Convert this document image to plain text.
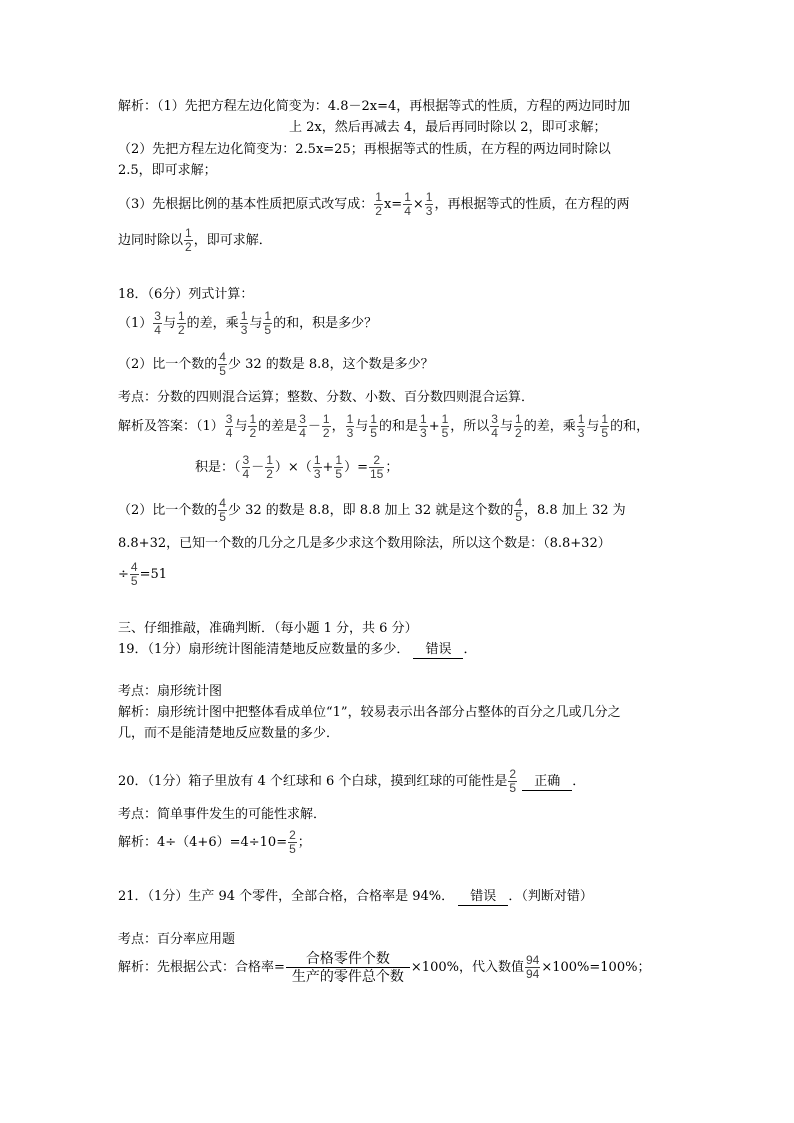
解析：（1）先把方程左边化简变为：4.8－2x=4，再根据等式的性质，方程的两边同时加
上 2x，然后再减去 4，最后再同时除以 2，即可求解；
（2）先把方程左边化简变为：2.5x=25；再根据等式的性质，在方程的两边同时除以
2.5，即可求解；
（3）先根据比例的基本性质把原式改写成： $\frac{1}{2} x= \frac{1}{4} \times \frac{1}{3}$ ，再根据等式的性质，在方程的两
边同时除以 $\frac{1}{2}$ ，即可求解．
18．（6分）列式计算：
$(1) \frac{3}{4}$ 与 $\frac{1}{2}$ 的差，乘 $\frac{1}{3}$ 与 $\frac{1}{5}$ 的和，积是多少？
（2）比一个数的 $\frac{4}{5}$ 少 32 的数是 8.8，这个数是多少？
考点：分数的四则混合运算；整数、分数、小数、百分数四则混合运算．
解析及答案：$(1) \frac{3}{4}$ 与 $\frac{1}{2}$ 的差是 $\frac{3}{4} - \frac{1}{2}$ ， $\frac{1}{3}$ 与 $\frac{1}{5}$ 的和是 $\frac{1}{3} + \frac{1}{5}$ ，所以 $\frac{3}{4}$ 与 $\frac{1}{2}$ 的差，乘 $\frac{1}{3}$ 与 $\frac{1}{5}$ 的和，
积是：（ $\frac{3}{4} - \frac{1}{2}$ ）×（ $\frac{1}{3} + \frac{1}{5}$ ）= $\frac{2}{15}$ ；
（2）比一个数的 $\frac{4}{5}$ 少 32 的数是 8.8，即 8.8 加上 32 就是这个数的 $\frac{4}{5}$ ，8.8 加上 32 为
8.8+32，已知一个数的几分之几是多少求这个数用除法，所以这个数是：（8.8+32）
÷ $\frac{4}{5} =51$
三、仔细推敲，准确判断．（每小题 1 分，共 6 分）
19．（1分）扇形统计图能清楚地反应数量的多少． 错误 ．
考点：扇形统计图
解析：扇形统计图中把整体看成单位“1”，较易表示出各部分占整体的百分之几或几分之
几，而不是能清楚地反应数量的多少．
20．（1分）箱子里放有 4 个红球和 6 个白球，摸到红球的可能性是 $\frac{2}{5}$ 正确 ．
考点：简单事件发生的可能性求解．
解析：$4\div(4+6)=4\div 10= \frac{2}{5}$ ；
21．（1分）生产 94 个零件，全部合格，合格率是 94%． 错误 ．（判断对错）
考点：百分率应用题
解析：先根据公式：合格率= $\frac{\text{合格零件个数}}{\text{生产的零件总个数}} \times 100\%$，代入数值 $\frac{94}{94} \times 100\%=100\%$；
